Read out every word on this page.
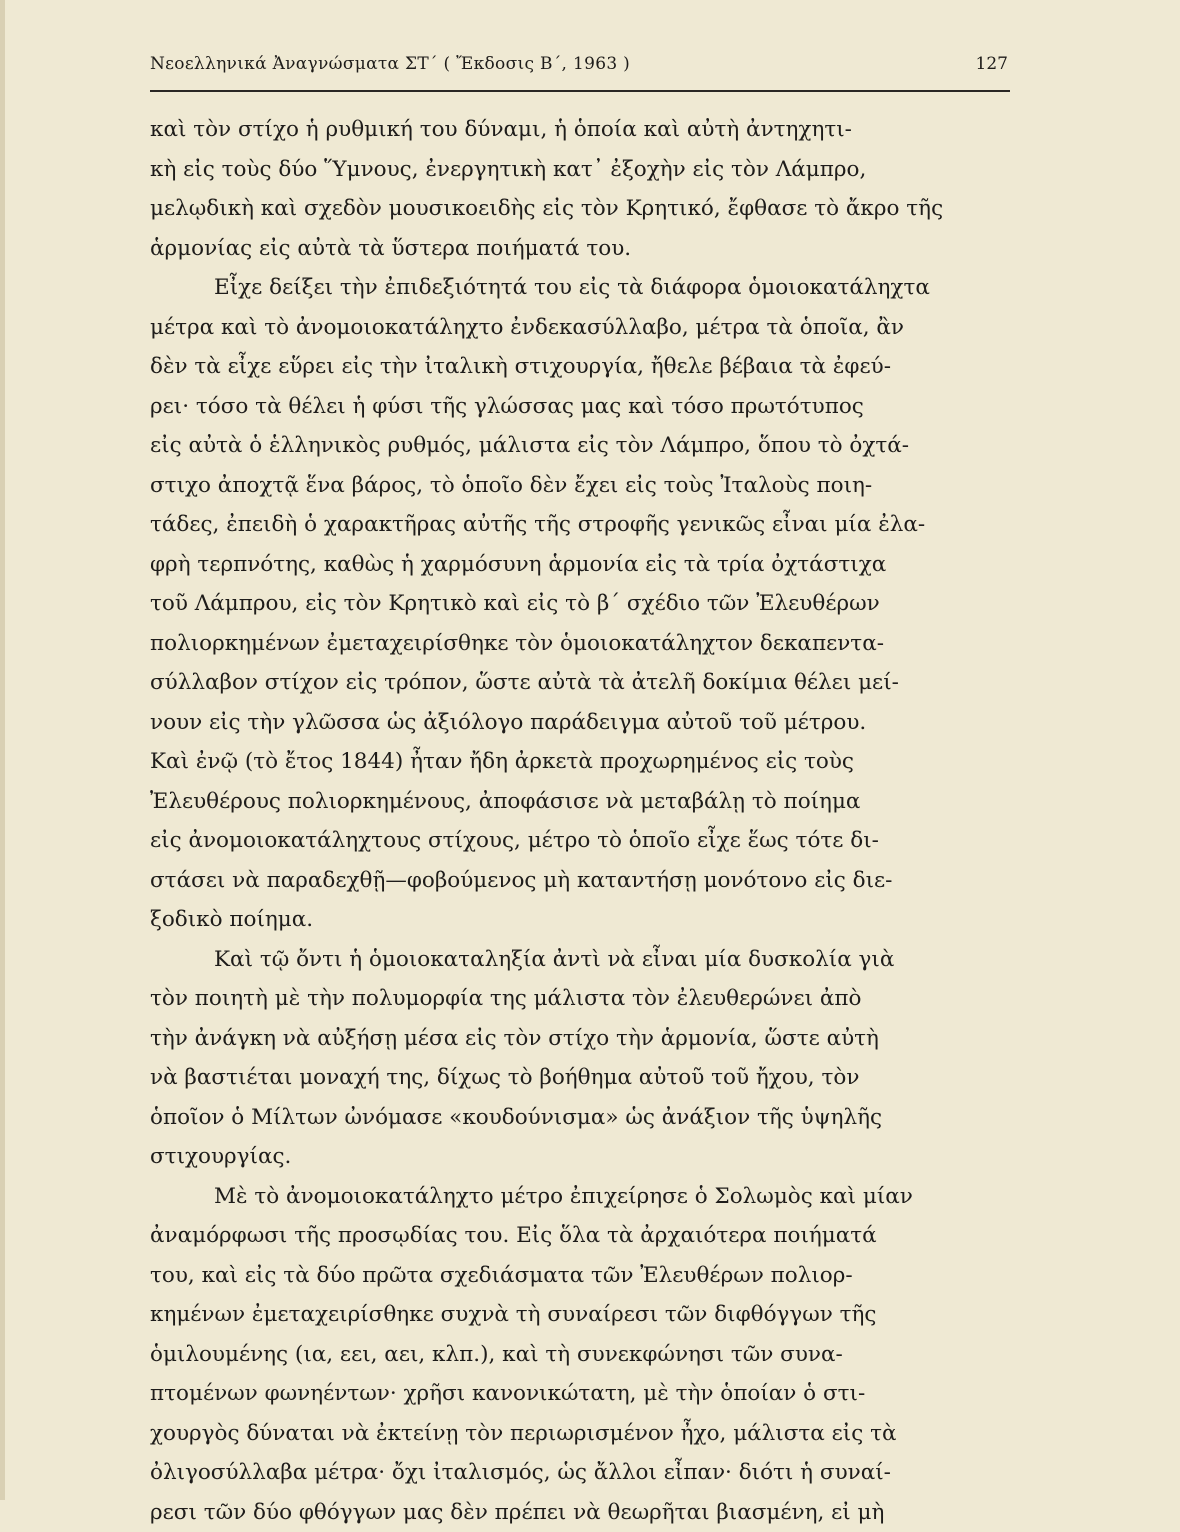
Νεοελληνικά Ἀναγνώσματα ΣΤ΄ ( Ἔκδοσις Β΄, 1963 )	127
καὶ τὸν στίχο ἡ ρυθμική του δύναμι, ἡ ὁποία καὶ αὐτὴ ἀντηχητι-
κὴ εἰς τοὺς δύο Ὕμνους, ἐνεργητικὴ κατ᾿ ἐξοχὴν εἰς τὸν Λάμπρο,
μελῳδικὴ καὶ σχεδὸν μουσικοειδὴς εἰς τὸν Κρητικό, ἔφθασε τὸ ἄκρο τῆς
ἁρμονίας εἰς αὐτὰ τὰ ὕστερα ποιήματά του.
Εἶχε δείξει τὴν ἐπιδεξιότητά του εἰς τὰ διάφορα ὁμοιοκατάληχτα
μέτρα καὶ τὸ ἀνομοιοκατάληχτο ἐνδεκασύλλαβο, μέτρα τὰ ὁποῖα, ἂν
δὲν τὰ εἶχε εὕρει εἰς τὴν ἰταλικὴ στιχουργία, ἤθελε βέβαια τὰ ἐφεύ-
ρει· τόσο τὰ θέλει ἡ φύσι τῆς γλώσσας μας καὶ τόσο πρωτότυπος
εἰς αὐτὰ ὁ ἑλληνικὸς ρυθμός, μάλιστα εἰς τὸν Λάμπρο, ὅπου τὸ ὀχτά-
στιχο ἀποχτᾷ ἕνα βάρος, τὸ ὁποῖο δὲν ἔχει εἰς τοὺς Ἰταλοὺς ποιη-
τάδες, ἐπειδὴ ὁ χαρακτῆρας αὐτῆς τῆς στροφῆς γενικῶς εἶναι μία ἐλα-
φρὴ τερπνότης, καθὼς ἡ χαρμόσυνη ἁρμονία εἰς τὰ τρία ὀχτάστιχα
τοῦ Λάμπρου, εἰς τὸν Κρητικὸ καὶ εἰς τὸ β΄ σχέδιο τῶν Ἐλευθέρων
πολιορκημένων ἐμεταχειρίσθηκε τὸν ὁμοιοκατάληχτον δεκαπεντα-
σύλλαβον στίχον εἰς τρόπον, ὥστε αὐτὰ τὰ ἀτελῆ δοκίμια θέλει μεί-
νουν εἰς τὴν γλῶσσα ὡς ἀξιόλογο παράδειγμα αὐτοῦ τοῦ μέτρου.
Καὶ ἐνῷ (τὸ ἔτος 1844) ἦταν ἤδη ἀρκετὰ προχωρημένος εἰς τοὺς
Ἐλευθέρους πολιορκημένους, ἀποφάσισε νὰ μεταβάλῃ τὸ ποίημα
εἰς ἀνομοιοκατάληχτους στίχους, μέτρο τὸ ὁποῖο εἶχε ἕως τότε δι-
στάσει νὰ παραδεχθῇ—φοβούμενος μὴ καταντήσῃ μονότονο εἰς διε-
ξοδικὸ ποίημα.
Καὶ τῷ ὄντι ἡ ὁμοιοκαταληξία ἀντὶ νὰ εἶναι μία δυσκολία γιὰ
τὸν ποιητὴ μὲ τὴν πολυμορφία της μάλιστα τὸν ἐλευθερώνει ἀπὸ
τὴν ἀνάγκη νὰ αὐξήσῃ μέσα εἰς τὸν στίχο τὴν ἁρμονία, ὥστε αὐτὴ
νὰ βαστιέται μοναχή της, δίχως τὸ βοήθημα αὐτοῦ τοῦ ἤχου, τὸν
ὁποῖον ὁ Μίλτων ὠνόμασε «κουδούνισμα» ὡς ἀνάξιον τῆς ὑψηλῆς
στιχουργίας.
Μὲ τὸ ἀνομοιοκατάληχτο μέτρο ἐπιχείρησε ὁ Σολωμὸς καὶ μίαν
ἀναμόρφωσι τῆς προσῳδίας του. Εἰς ὅλα τὰ ἀρχαιότερα ποιήματά
του, καὶ εἰς τὰ δύο πρῶτα σχεδιάσματα τῶν Ἐλευθέρων πολιορ-
κημένων ἐμεταχειρίσθηκε συχνὰ τὴ συναίρεσι τῶν διφθόγγων τῆς
ὁμιλουμένης (ια, εει, αει, κλπ.), καὶ τὴ συνεκφώνησι τῶν συνα-
πτομένων φωνηέντων· χρῆσι κανονικώτατη, μὲ τὴν ὁποίαν ὁ στι-
χουργὸς δύναται νὰ ἐκτείνῃ τὸν περιωρισμένον ἦχο, μάλιστα εἰς τὰ
ὀλιγοσύλλαβα μέτρα· ὄχι ἰταλισμός, ὡς ἄλλοι εἶπαν· διότι ἡ συναί-
ρεσι τῶν δύο φθόγγων μας δὲν πρέπει νὰ θεωρῆται βιασμένη, εἰ μὴ
